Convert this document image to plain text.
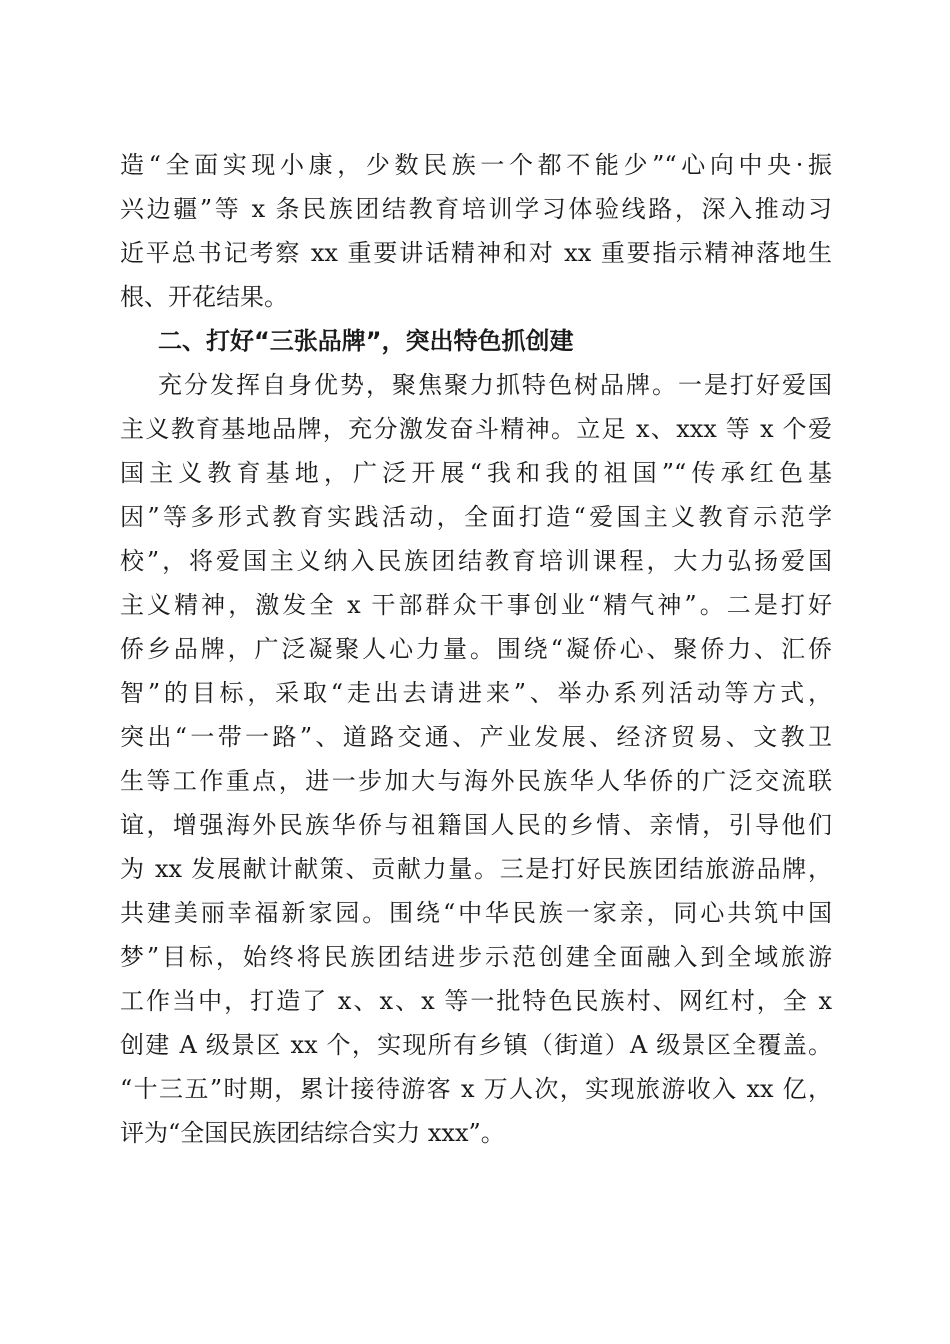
造“全面实现小康，少数民族一个都不能少”“心向中央·振
兴边疆”等 x 条民族团结教育培训学习体验线路，深入推动习
近平总书记考察 xx 重要讲话精神和对 xx 重要指示精神落地生
根、开花结果。
二、打好“三张品牌”，突出特色抓创建
充分发挥自身优势，聚焦聚力抓特色树品牌。一是打好爱国
主义教育基地品牌，充分激发奋斗精神。立足 x、xxx 等 x 个爱
国主义教育基地，广泛开展“我和我的祖国”“传承红色基
因”等多形式教育实践活动，全面打造“爱国主义教育示范学
校”，将爱国主义纳入民族团结教育培训课程，大力弘扬爱国
主义精神，激发全 x 干部群众干事创业“精气神”。二是打好
侨乡品牌，广泛凝聚人心力量。围绕“凝侨心、聚侨力、汇侨
智”的目标，采取“走出去请进来”、举办系列活动等方式，
突出“一带一路”、道路交通、产业发展、经济贸易、文教卫
生等工作重点，进一步加大与海外民族华人华侨的广泛交流联
谊，增强海外民族华侨与祖籍国人民的乡情、亲情，引导他们
为 xx 发展献计献策、贡献力量。三是打好民族团结旅游品牌，
共建美丽幸福新家园。围绕“中华民族一家亲，同心共筑中国
梦”目标，始终将民族团结进步示范创建全面融入到全域旅游
工作当中，打造了 x、x、x 等一批特色民族村、网红村，全 x
创建 A 级景区 xx 个，实现所有乡镇（街道）A 级景区全覆盖。
“十三五”时期，累计接待游客 x 万人次，实现旅游收入 xx 亿，
评为“全国民族团结综合实力 xxx”。
